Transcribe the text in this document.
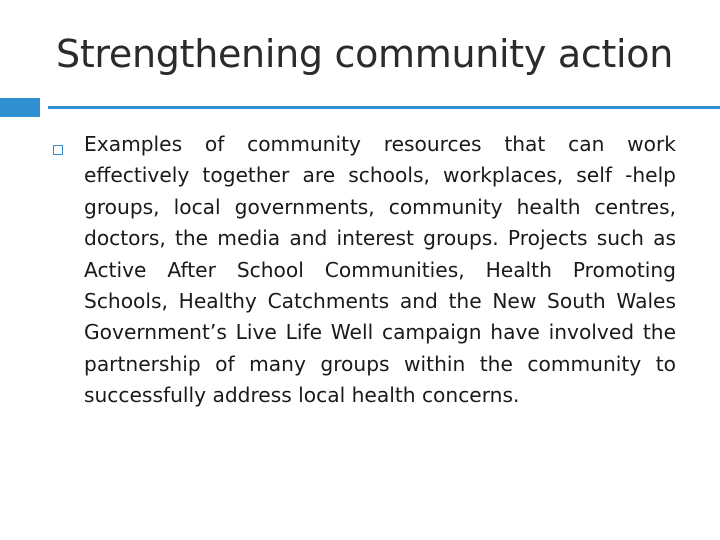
Strengthening community action
Examples of community resources that can work effectively together are schools, workplaces, self -help groups, local governments, community health centres, doctors, the media and interest groups. Projects such as Active After School Communities, Health Promoting Schools, Healthy Catchments and the New South Wales Government’s Live Life Well campaign have involved the partnership of many groups within the community to successfully address local health concerns.
